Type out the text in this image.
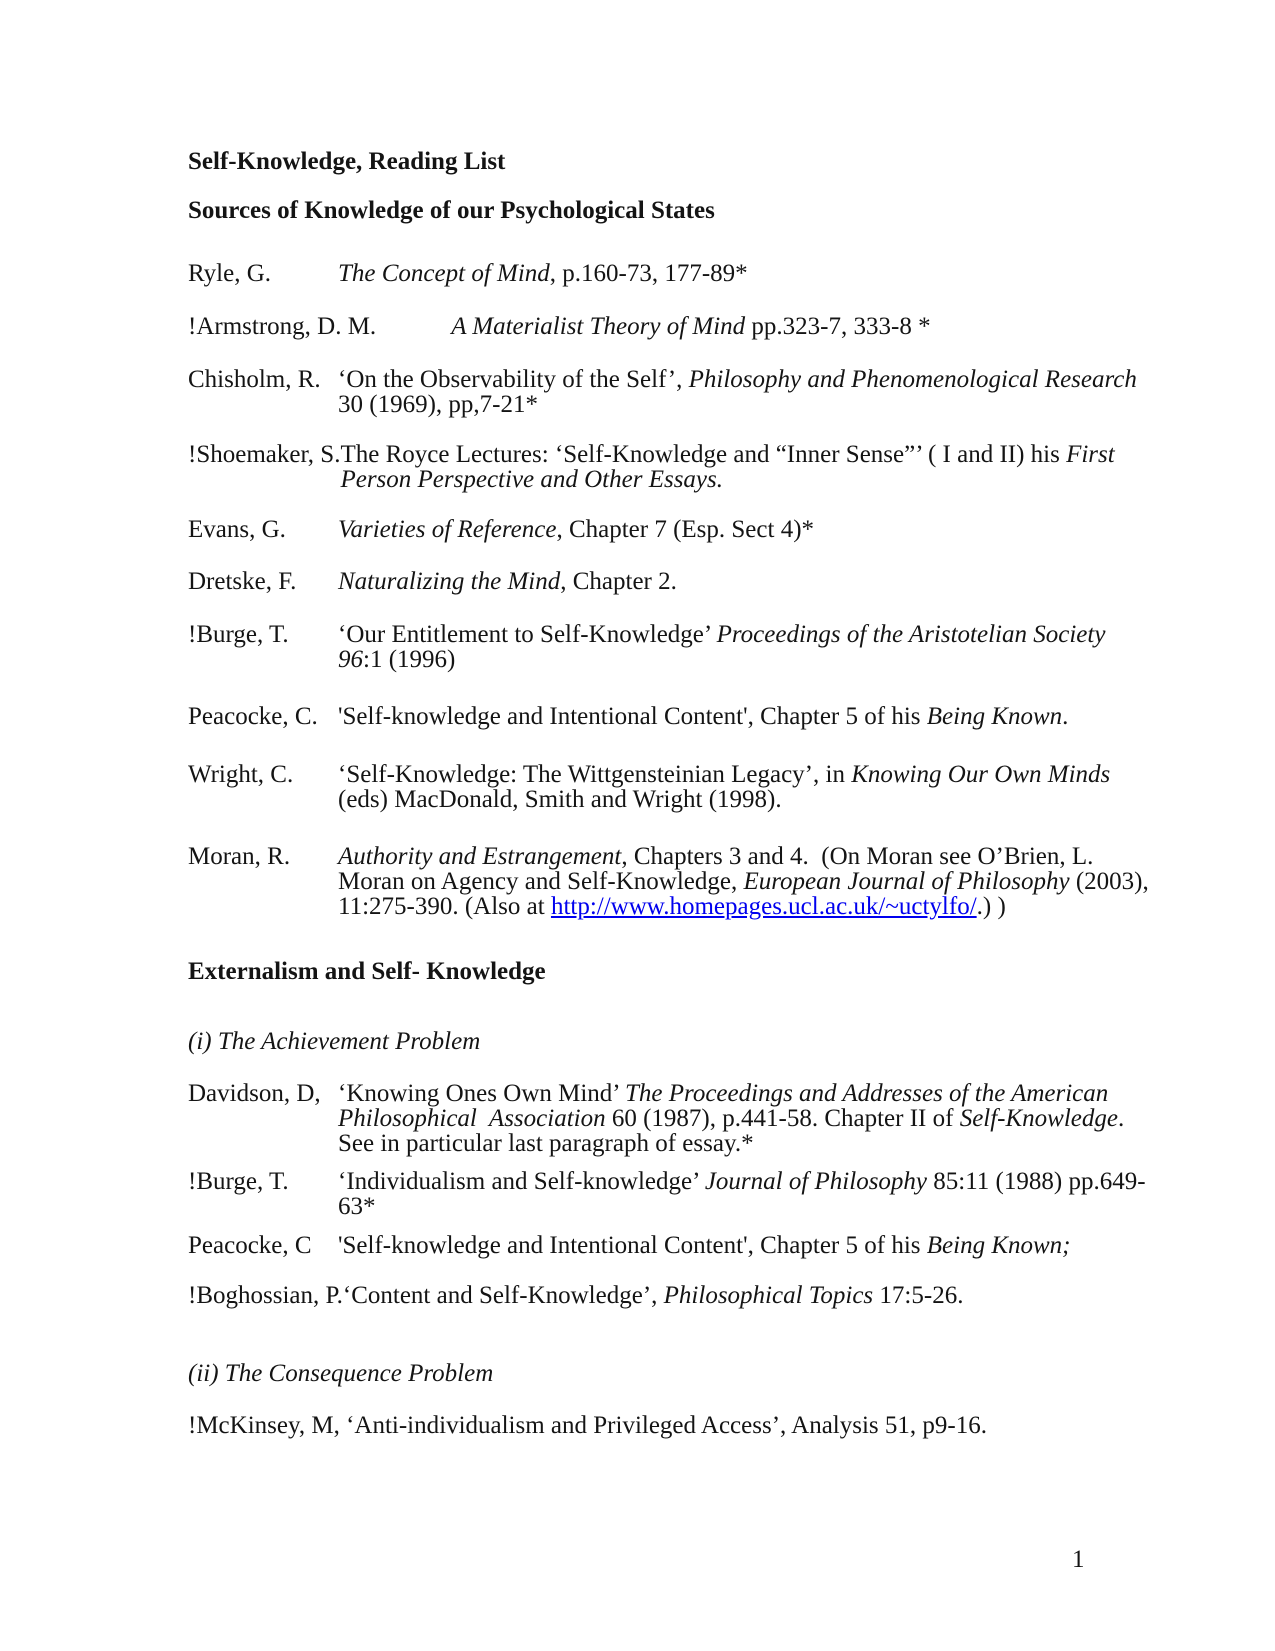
Self-Knowledge, Reading List
Sources of Knowledge of our Psychological States
Ryle, G.	The Concept of Mind, p.160-73, 177-89*
!Armstrong, D. M.	A Materialist Theory of Mind pp.323-7, 333-8 *
Chisholm, R. ‘On the Observability of the Self’, Philosophy and Phenomenological Research
30 (1969), pp,7-21*
!Shoemaker, S. The Royce Lectures: ‘Self-Knowledge and “Inner Sense”’ ( I and II) his First
Person Perspective and Other Essays.
Evans, G.	Varieties of Reference, Chapter 7 (Esp. Sect 4)*
Dretske, F.	Naturalizing the Mind, Chapter 2.
!Burge, T.	‘Our Entitlement to Self-Knowledge’ Proceedings of the Aristotelian Society
96:1 (1996)
Peacocke, C. 'Self-knowledge and Intentional Content', Chapter 5 of his Being Known.
Wright, C.	‘Self-Knowledge: The Wittgensteinian Legacy’, in Knowing Our Own Minds
(eds) MacDonald, Smith and Wright (1998).
Moran, R.	Authority and Estrangement, Chapters 3 and 4.  (On Moran see O’Brien, L.
Moran on Agency and Self-Knowledge, European Journal of Philosophy (2003),
11:275-390. (Also at http://www.homepages.ucl.ac.uk/~uctylfo/.) )
Externalism and Self- Knowledge
(i) The Achievement Problem
Davidson, D, ‘Knowing Ones Own Mind’ The Proceedings and Addresses of the American
Philosophical  Association 60 (1987), p.441-58. Chapter II of Self-Knowledge.
See in particular last paragraph of essay.*
!Burge, T.	‘Individualism and Self-knowledge’ Journal of Philosophy 85:11 (1988) pp.649-
63*
Peacocke, C	'Self-knowledge and Intentional Content', Chapter 5 of his Being Known;
!Boghossian, P. ‘Content and Self-Knowledge’, Philosophical Topics 17:5-26.
(ii) The Consequence Problem
!McKinsey, M, ‘Anti-individualism and Privileged Access’, Analysis 51, p9-16.
1
